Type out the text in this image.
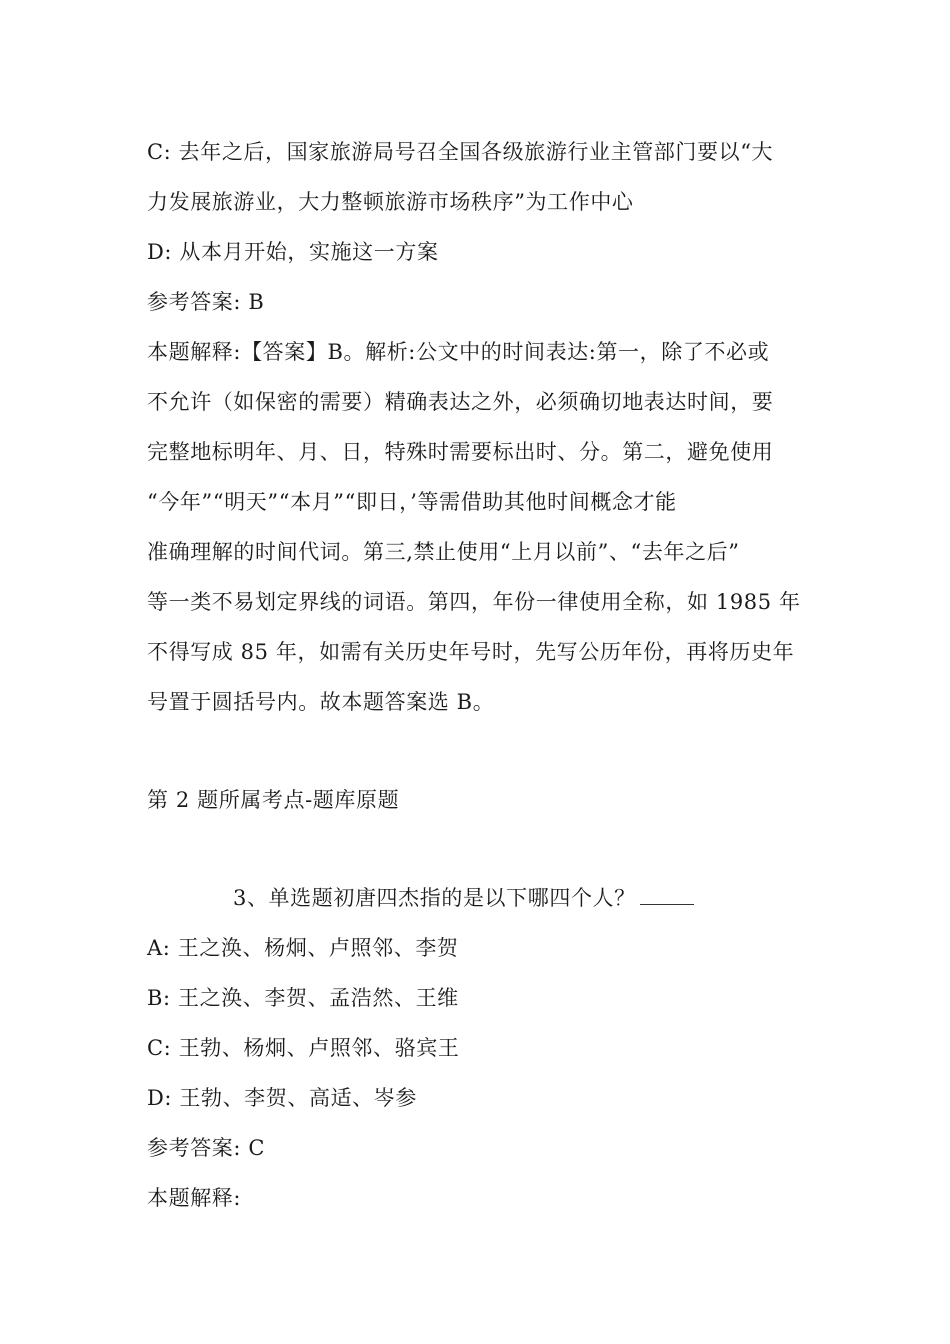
C: 去年之后，国家旅游局号召全国各级旅游行业主管部门要以“大
力发展旅游业，大力整顿旅游市场秩序”为工作中心
D: 从本月开始，实施这一方案
参考答案: B
本题解释:【答案】B。解析:公文中的时间表达:第一，除了不必或
不允许（如保密的需要）精确表达之外，必须确切地表达时间，要
完整地标明年、月、日，特殊时需要标出时、分。第二，避免使用
“今年”“明天”“本月”“即日，’等需借助其他时间概念才能
准确理解的时间代词。第三,禁止使用“上月以前”、“去年之后”
等一类不易划定界线的词语。第四，年份一律使用全称，如 1985 年
不得写成 85 年，如需有关历史年号时，先写公历年份，再将历史年
号置于圆括号内。故本题答案选 B。
第 2 题所属考点-题库原题
3、单选题初唐四杰指的是以下哪四个人？
A: 王之涣、杨炯、卢照邻、李贺
B: 王之涣、李贺、孟浩然、王维
C: 王勃、杨炯、卢照邻、骆宾王
D: 王勃、李贺、高适、岑参
参考答案: C
本题解释:
